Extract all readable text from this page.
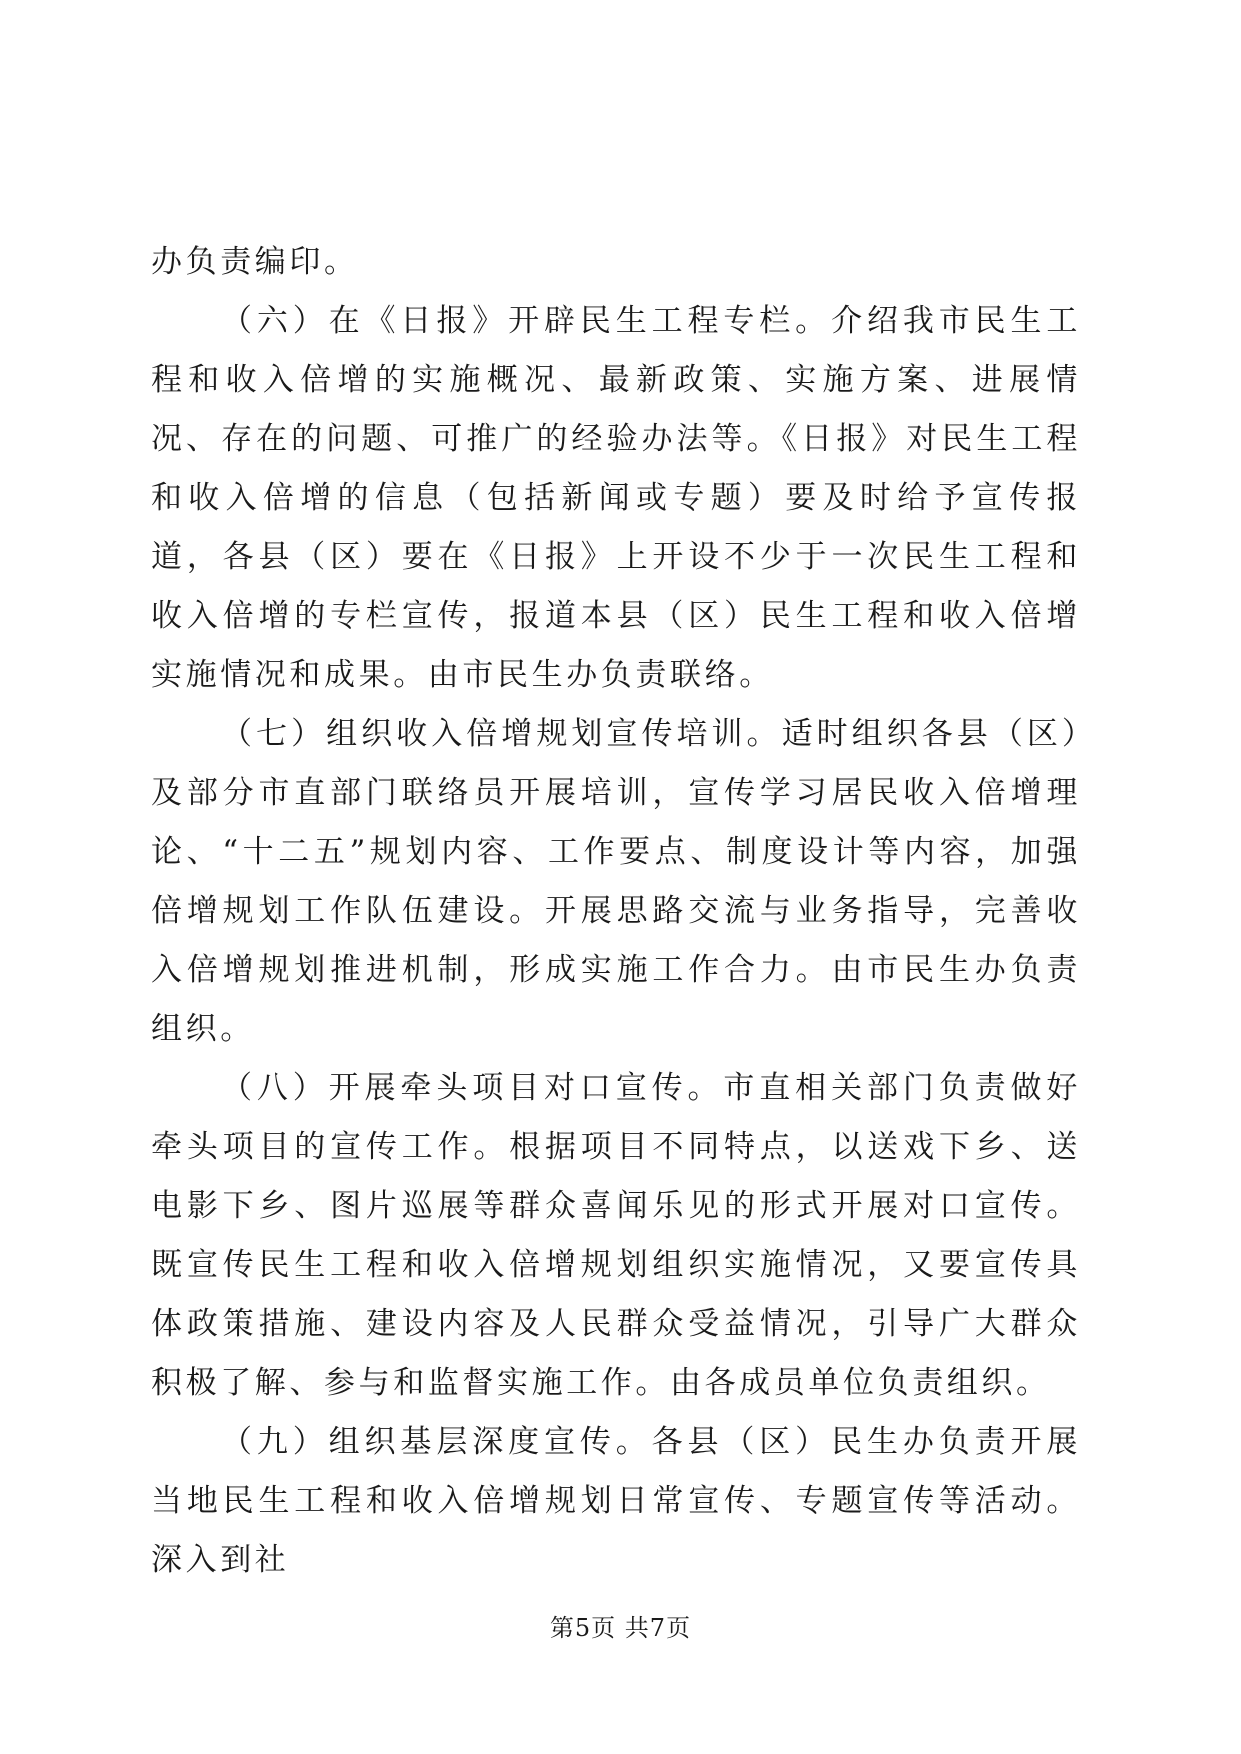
办负责编印。

（六）在《日报》开辟民生工程专栏。介绍我市民生工程和收入倍增的实施概况、最新政策、实施方案、进展情况、存在的问题、可推广的经验办法等。《日报》对民生工程和收入倍增的信息（包括新闻或专题）要及时给予宣传报道，各县（区）要在《日报》上开设不少于一次民生工程和收入倍增的专栏宣传，报道本县（区）民生工程和收入倍增实施情况和成果。由市民生办负责联络。

（七）组织收入倍增规划宣传培训。适时组织各县（区）及部分市直部门联络员开展培训，宣传学习居民收入倍增理论、“十二五”规划内容、工作要点、制度设计等内容，加强倍增规划工作队伍建设。开展思路交流与业务指导，完善收入倍增规划推进机制，形成实施工作合力。由市民生办负责组织。

（八）开展牵头项目对口宣传。市直相关部门负责做好牵头项目的宣传工作。根据项目不同特点，以送戏下乡、送电影下乡、图片巡展等群众喜闻乐见的形式开展对口宣传。既宣传民生工程和收入倍增规划组织实施情况，又要宣传具体政策措施、建设内容及人民群众受益情况，引导广大群众积极了解、参与和监督实施工作。由各成员单位负责组织。

（九）组织基层深度宣传。各县（区）民生办负责开展当地民生工程和收入倍增规划日常宣传、专题宣传等活动。深入到社

第5页 共7页
